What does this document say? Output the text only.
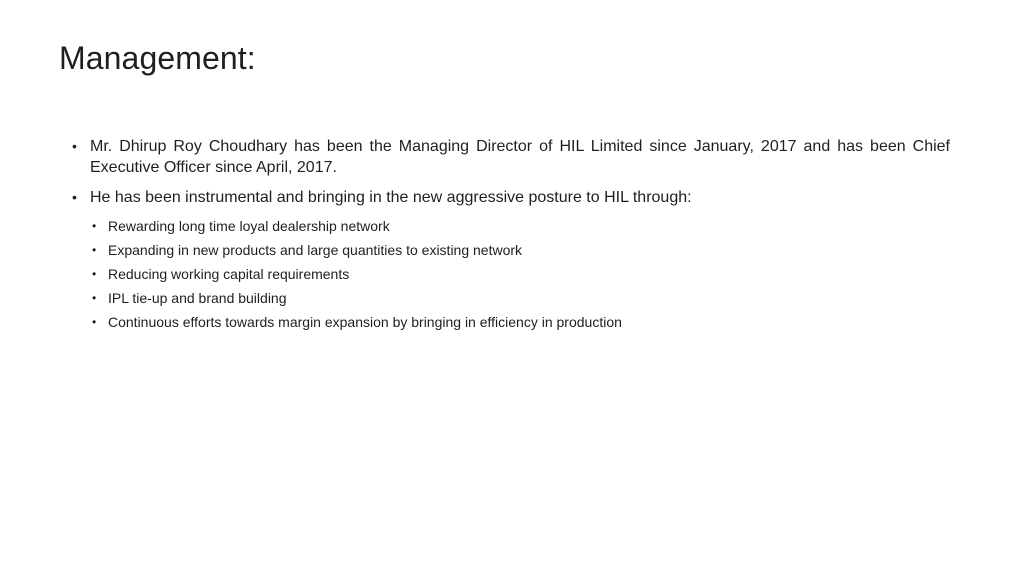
Management:
• Mr. Dhirup Roy Choudhary has been the Managing Director of HIL Limited since January, 2017 and has been Chief Executive Officer since April, 2017.
• He has been instrumental and bringing in the new aggressive posture to HIL through:
• Rewarding long time loyal dealership network
• Expanding in new products and large quantities to existing network
• Reducing working capital requirements
• IPL tie-up and brand building
• Continuous efforts towards margin expansion by bringing in efficiency in production
